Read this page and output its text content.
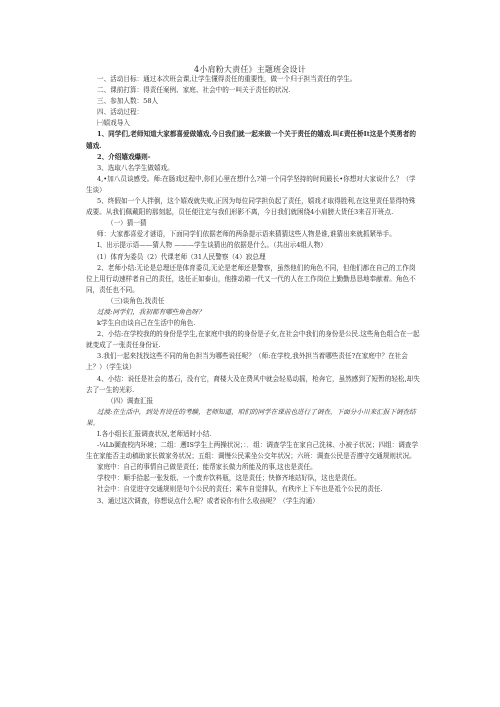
4小肩粉大责任》主题班会设计

一、活动目标：通过本次班会课,让学生懂得责任的重要性，做一个归于担当责任的学生。

二、课前打算：得责任案例、家庭、社会中的一叫关于责任的状况.

三、参加人数：58人

四、活动过程：

㈠嬉戏导入

1、同学们,老师知道大家都喜爱做嬉戏,今日我们就一起来做一个关于责任的嬉戏.叫£责任桥It这是个英勇者的嬉戏.

2、介绍嬉戏爆则-

3、选取八名学生做嬉戏。

4,•加八员谈感受。师:在肠戏过程中,你们心里在想什么?第一个同学坚持的时间最长•你想对大家说什么？（学生谈）

5、终假如一个人拌倒，这个嬉戏就失败,正因为每位同学担负起了责任，嬉戏才取得胜利,在这里责任显得特殊成要。从我们佩戴阳的那刻起，员任便注定与我们形影不离，今日我们就困绕4小肩膀大货任3来召开班点.

（一）猜一猜

师：大家都喜爱才谜语，下面同学们依据老师的两条提示语来猜猜这些人物是谁,谁猜出来就抓紧举手。

I、出示提示语——猜人物 ———学生谈猜出的依据是什么。（共出示4组人物）

(1）体育为委员（2）代课老师（31人民警察（4）寂总理

2、老师小结:无论是总理还是体育委员,无论是老师还是警察，虽然他们的角色不同，但他们都在自己的工作岗位上用行动速样者自己的责任，选任正如泰山，他推动箱一代又一代的人在工作岗位上勤勤恳恳地奉献着。角色不同，责任也不同。

（三)谈角色,找责任

过渡:同学们，我初都有哪些角色呀？

k学生自由谈自己在生活中的角色.

2、小结:在学校我的的身份是学生,在家庭中我的的身份是子女,在社会中我们的身份是公民.这些角色组合在一起就变成了一张责任身份证.

3.我们一起来找找这些不同的角色担当为哪些说任呢？（师:在学校,我外担当着哪些责任?在家庭中？在社会上？）（学生谈）

4、小结：说任是社会的基石，没有它，裔楼大及在费风中就会轻易动摇，枪奔它，虽然感到了短暂的轻松,却失去了一生的光彩.

（四）调查汇报

过渡:在生活中，到处有设任的考験，老师知道，咱们的同学在课前也进行了调查，下面分小川来汇报下调查结果。

I.各小组长汇报调查状况,老师适时小结.

-¼Lb圖查校内环境；二组：遡IS学生上两操状况；：．组：调查学生在家自己洗袜、小被子状况；四组：调查学生在家能否主动稿助家长做家务状况；五组：调慢公民乘坐公交年状况；六班：调查公民是否遵守交通规则状况。

家庭中：自己的事情自己做是责任；能帮家长做力所能及的事,这也是责任。

学校中：顺手拾起一张发纸、一个废弃饮料瓶，这是责任；快修齐地站好队，这也是责任。

社会中：自觉进守交通规则是句个公民的责任；乘车自觉排队，有秩序上下车也是祗个公民的责任.

3、通过这次调查，你想说点什么呢？或者说你有什么收孩呢？（学生沟通）
